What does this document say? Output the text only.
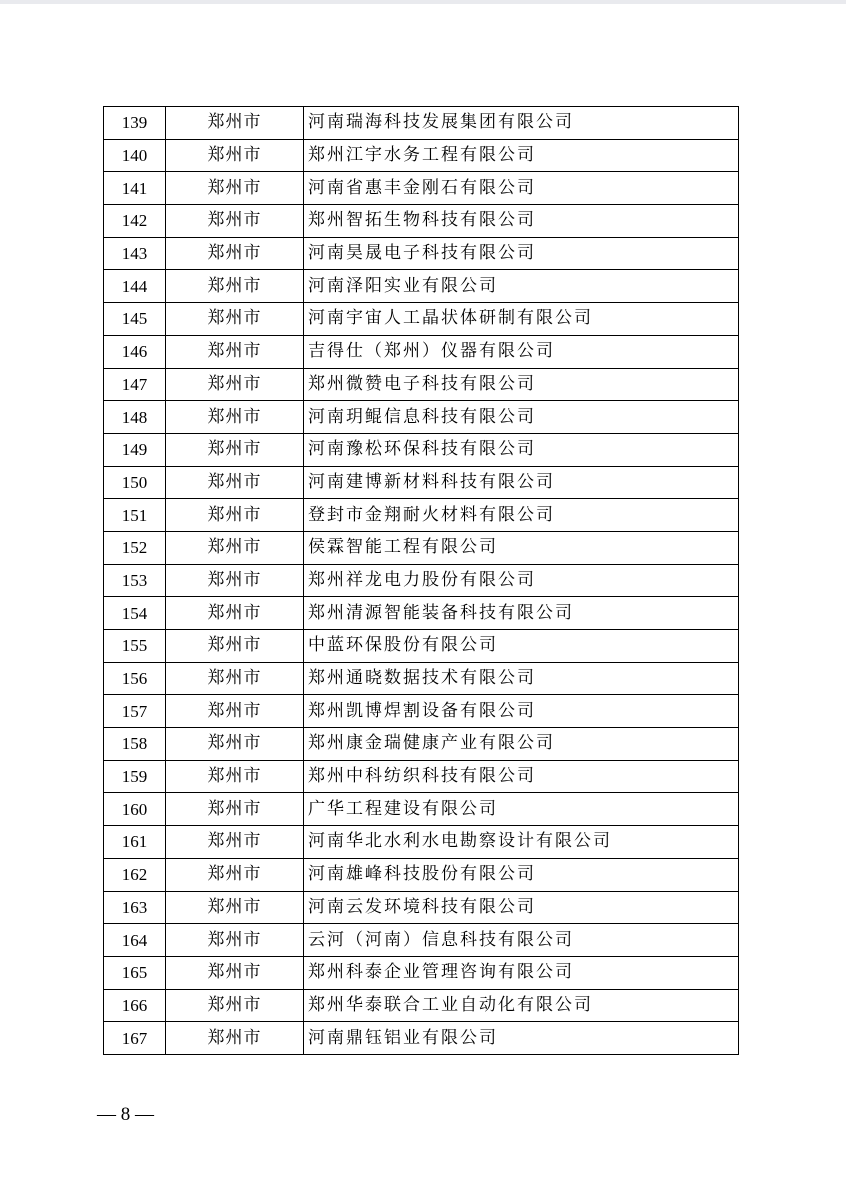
139	郑州市	河南瑞海科技发展集团有限公司
140	郑州市	郑州江宇水务工程有限公司
141	郑州市	河南省惠丰金刚石有限公司
142	郑州市	郑州智拓生物科技有限公司
143	郑州市	河南昊晟电子科技有限公司
144	郑州市	河南泽阳实业有限公司
145	郑州市	河南宇宙人工晶状体研制有限公司
146	郑州市	吉得仕（郑州）仪器有限公司
147	郑州市	郑州微赞电子科技有限公司
148	郑州市	河南玥鲲信息科技有限公司
149	郑州市	河南豫松环保科技有限公司
150	郑州市	河南建博新材料科技有限公司
151	郑州市	登封市金翔耐火材料有限公司
152	郑州市	侯霖智能工程有限公司
153	郑州市	郑州祥龙电力股份有限公司
154	郑州市	郑州清源智能装备科技有限公司
155	郑州市	中蓝环保股份有限公司
156	郑州市	郑州通晓数据技术有限公司
157	郑州市	郑州凯博焊割设备有限公司
158	郑州市	郑州康金瑞健康产业有限公司
159	郑州市	郑州中科纺织科技有限公司
160	郑州市	广华工程建设有限公司
161	郑州市	河南华北水利水电勘察设计有限公司
162	郑州市	河南雄峰科技股份有限公司
163	郑州市	河南云发环境科技有限公司
164	郑州市	云河（河南）信息科技有限公司
165	郑州市	郑州科泰企业管理咨询有限公司
166	郑州市	郑州华泰联合工业自动化有限公司
167	郑州市	河南鼎钰铝业有限公司
— 8 —
